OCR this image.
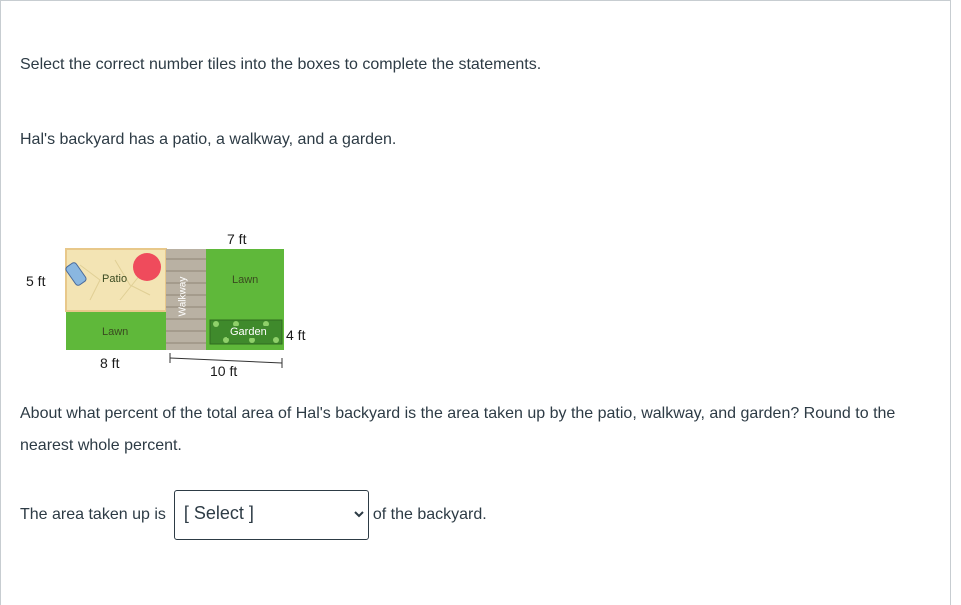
Select the correct number tiles into the boxes to complete the statements.
Hal's backyard has a patio, a walkway, and a garden.
Patio	Lawn
Lawn
Walkway
Garden
7 ft
5 ft
4 ft
8 ft	10 ft
About what percent of the total area of Hal's backyard is the area taken up by the patio, walkway, and garden? Round to the nearest whole percent.
The area taken up is [ Select ]	of the backyard.
